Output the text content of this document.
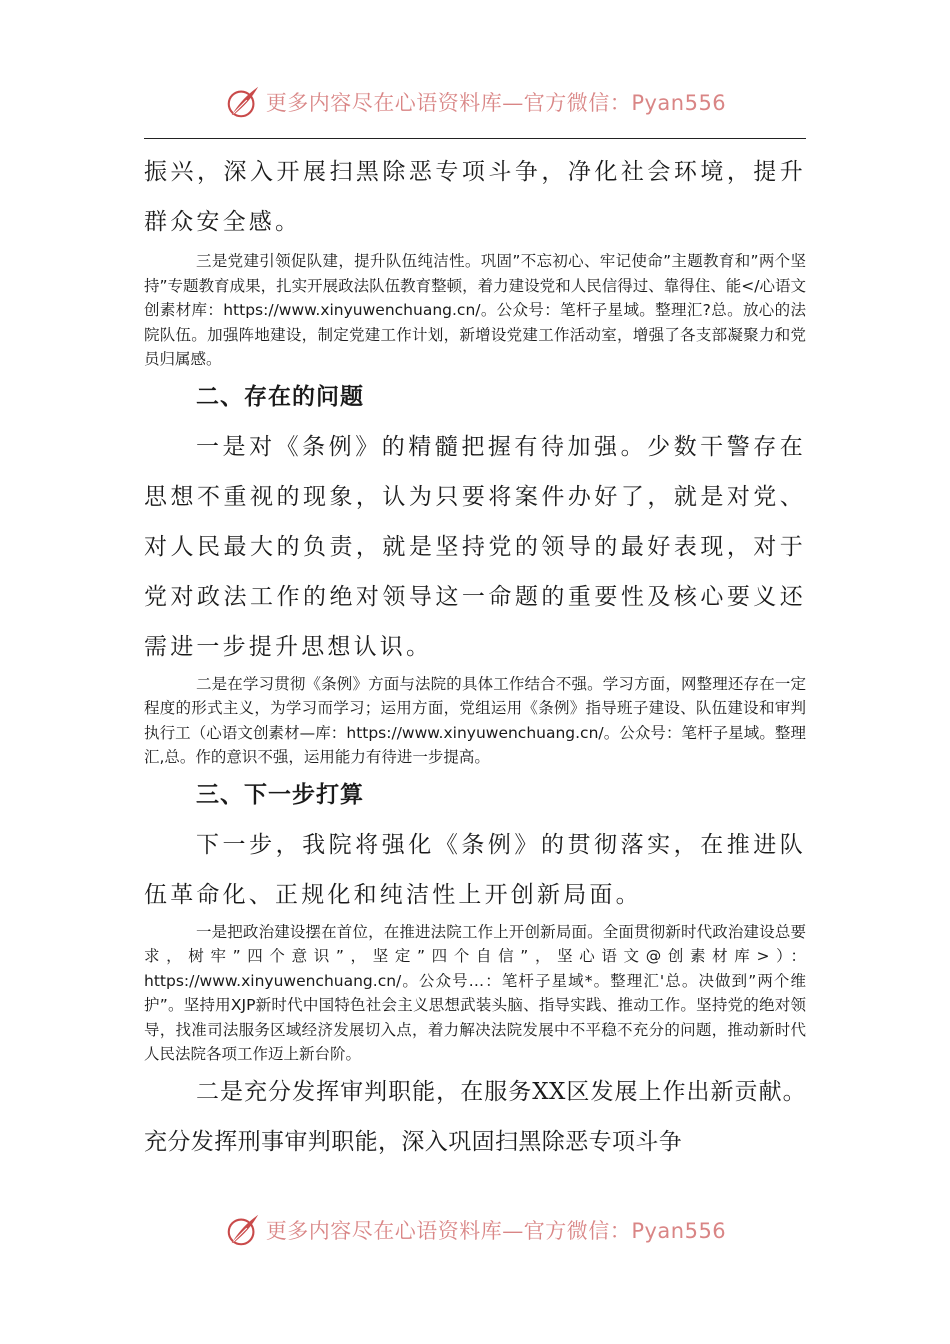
更多内容尽在心语资料库—官方微信：Pyan556

振兴，深入开展扫黑除恶专项斗争，净化社会环境，提升群众安全感。

三是党建引领促队建，提升队伍纯洁性。巩固”不忘初心、牢记使命”主题教育和”两个坚持”专题教育成果，扎实开展政法队伍教育整顿，着力建设党和人民信得过、靠得住、能</心语文创素材库：https://www.xinyuwenchuang.cn/。公众号：笔杆子星域。整理汇?总。放心的法院队伍。加强阵地建设，制定党建工作计划，新增设党建工作活动室，增强了各支部凝聚力和党员归属感。

二、存在的问题

一是对《条例》的精髓把握有待加强。少数干警存在思想不重视的现象，认为只要将案件办好了，就是对党、对人民最大的负责，就是坚持党的领导的最好表现，对于党对政法工作的绝对领导这一命题的重要性及核心要义还需进一步提升思想认识。

二是在学习贯彻《条例》方面与法院的具体工作结合不强。学习方面，网整理还存在一定程度的形式主义，为学习而学习；运用方面，党组运用《条例》指导班子建设、队伍建设和审判执行工（心语文创素材—库：https://www.xinyuwenchuang.cn/。公众号：笔杆子星域。整理汇,总。作的意识不强，运用能力有待进一步提高。

三、下一步打算

下一步，我院将强化《条例》的贯彻落实，在推进队伍革命化、正规化和纯洁性上开创新局面。

一是把政治建设摆在首位，在推进法院工作上开创新局面。全面贯彻新时代政治建设总要求，树牢”四个意识”，坚定”四个自信”，坚心语文@创素材库>）：https://www.xinyuwenchuang.cn/。公众号…：笔杆子星域*。整理汇'总。决做到”两个维护”。坚持用XJP新时代中国特色社会主义思想武装头脑、指导实践、推动工作。坚持党的绝对领导，找准司法服务区域经济发展切入点，着力解决法院发展中不平稳不充分的问题，推动新时代人民法院各项工作迈上新台阶。

二是充分发挥审判职能，在服务XX区发展上作出新贡献。充分发挥刑事审判职能，深入巩固扫黑除恶专项斗争

更多内容尽在心语资料库—官方微信：Pyan556
